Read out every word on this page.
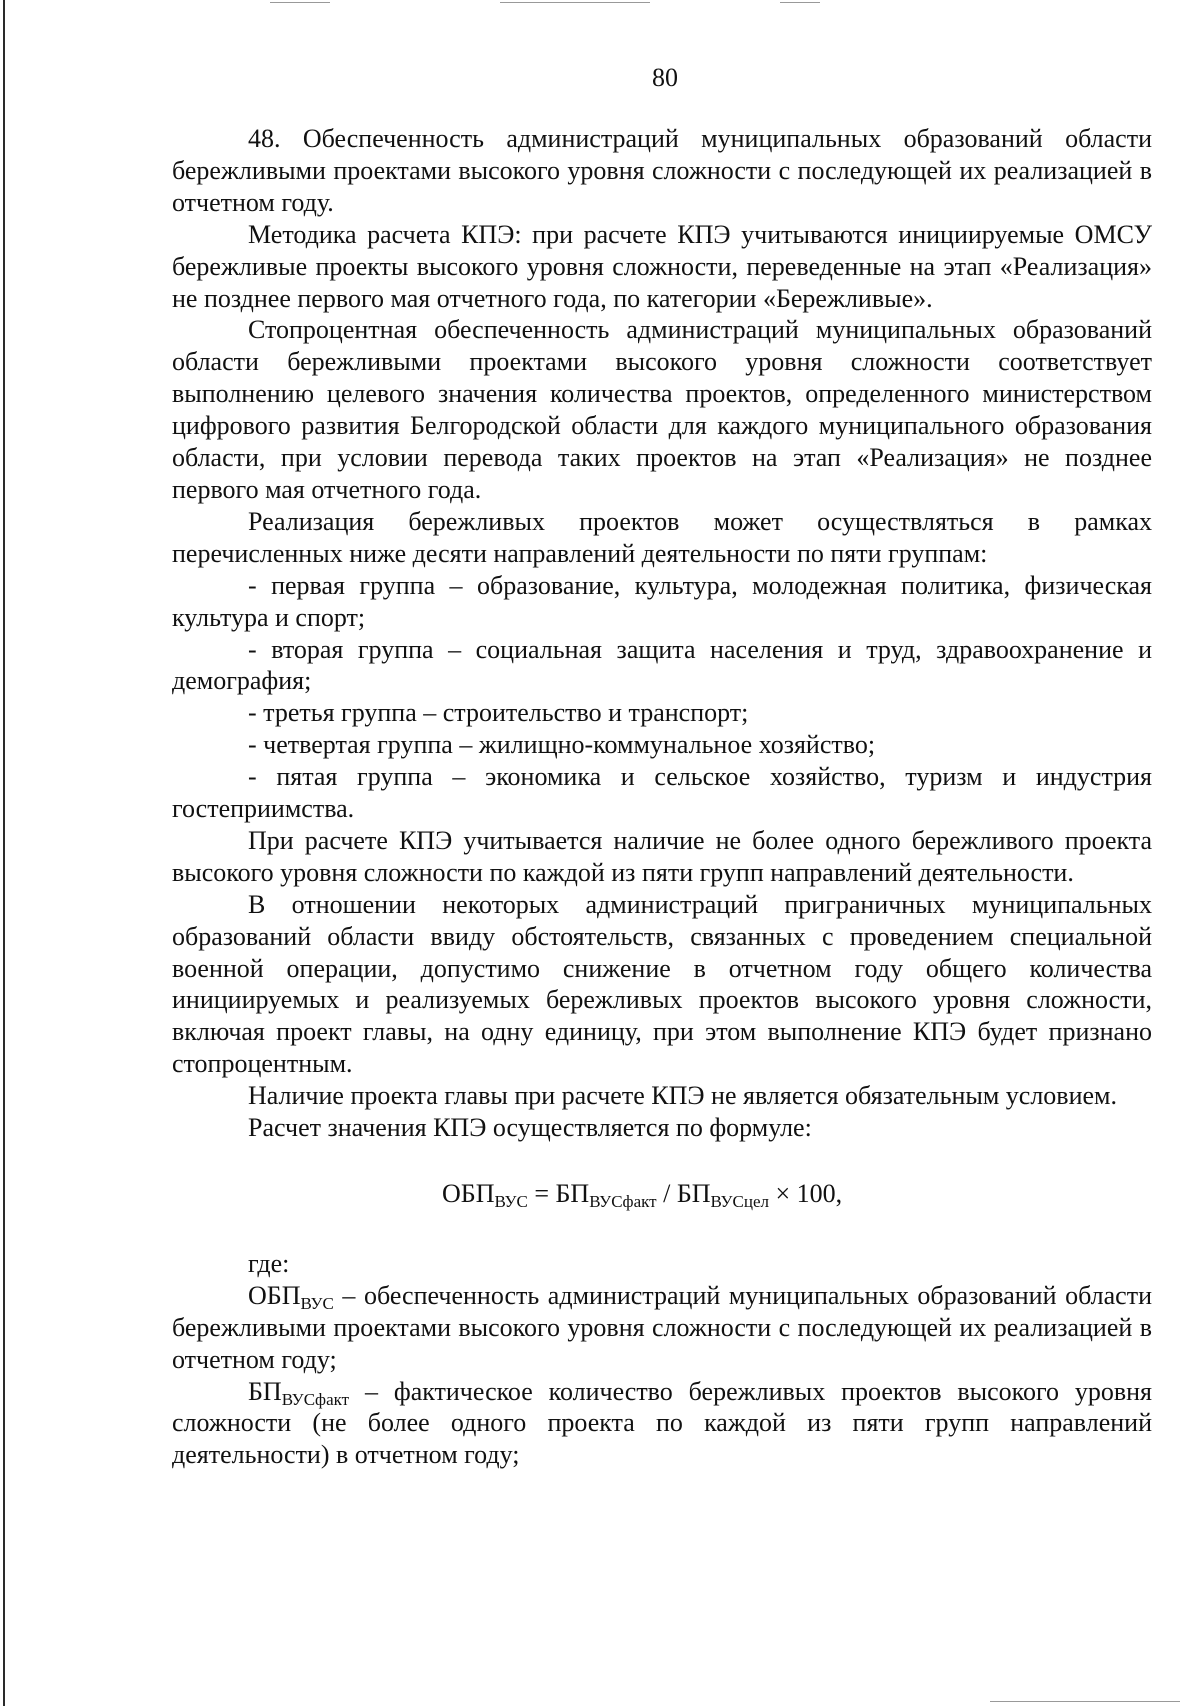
80

48. Обеспеченность администраций муниципальных образований области бережливыми проектами высокого уровня сложности с последующей их реализацией в отчетном году.

Методика расчета КПЭ: при расчете КПЭ учитываются инициируемые ОМСУ бережливые проекты высокого уровня сложности, переведенные на этап «Реализация» не позднее первого мая отчетного года, по категории «Бережливые».

Стопроцентная обеспеченность администраций муниципальных образований области бережливыми проектами высокого уровня сложности соответствует выполнению целевого значения количества проектов, определенного министерством цифрового развития Белгородской области для каждого муниципального образования области, при условии перевода таких проектов на этап «Реализация» не позднее первого мая отчетного года.

Реализация бережливых проектов может осуществляться в рамках перечисленных ниже десяти направлений деятельности по пяти группам:

- первая группа – образование, культура, молодежная политика, физическая культура и спорт;

- вторая группа – социальная защита населения и труд, здравоохранение и демография;

- третья группа – строительство и транспорт;

- четвертая группа – жилищно-коммунальное хозяйство;

- пятая группа – экономика и сельское хозяйство, туризм и индустрия гостеприимства.

При расчете КПЭ учитывается наличие не более одного бережливого проекта высокого уровня сложности по каждой из пяти групп направлений деятельности.

В отношении некоторых администраций приграничных муниципальных образований области ввиду обстоятельств, связанных с проведением специальной военной операции, допустимо снижение в отчетном году общего количества инициируемых и реализуемых бережливых проектов высокого уровня сложности, включая проект главы, на одну единицу, при этом выполнение КПЭ будет признано стопроцентным.

Наличие проекта главы при расчете КПЭ не является обязательным условием.

Расчет значения КПЭ осуществляется по формуле:

$ОБП_{ВУС} = БП_{ВУСфакт} / БП_{ВУСцел} \times 100$,

где:

$ОБП_{ВУС}$ – обеспеченность администраций муниципальных образований области бережливыми проектами высокого уровня сложности с последующей их реализацией в отчетном году;

$БП_{ВУСфакт}$ – фактическое количество бережливых проектов высокого уровня сложности (не более одного проекта по каждой из пяти групп направлений деятельности) в отчетном году;
